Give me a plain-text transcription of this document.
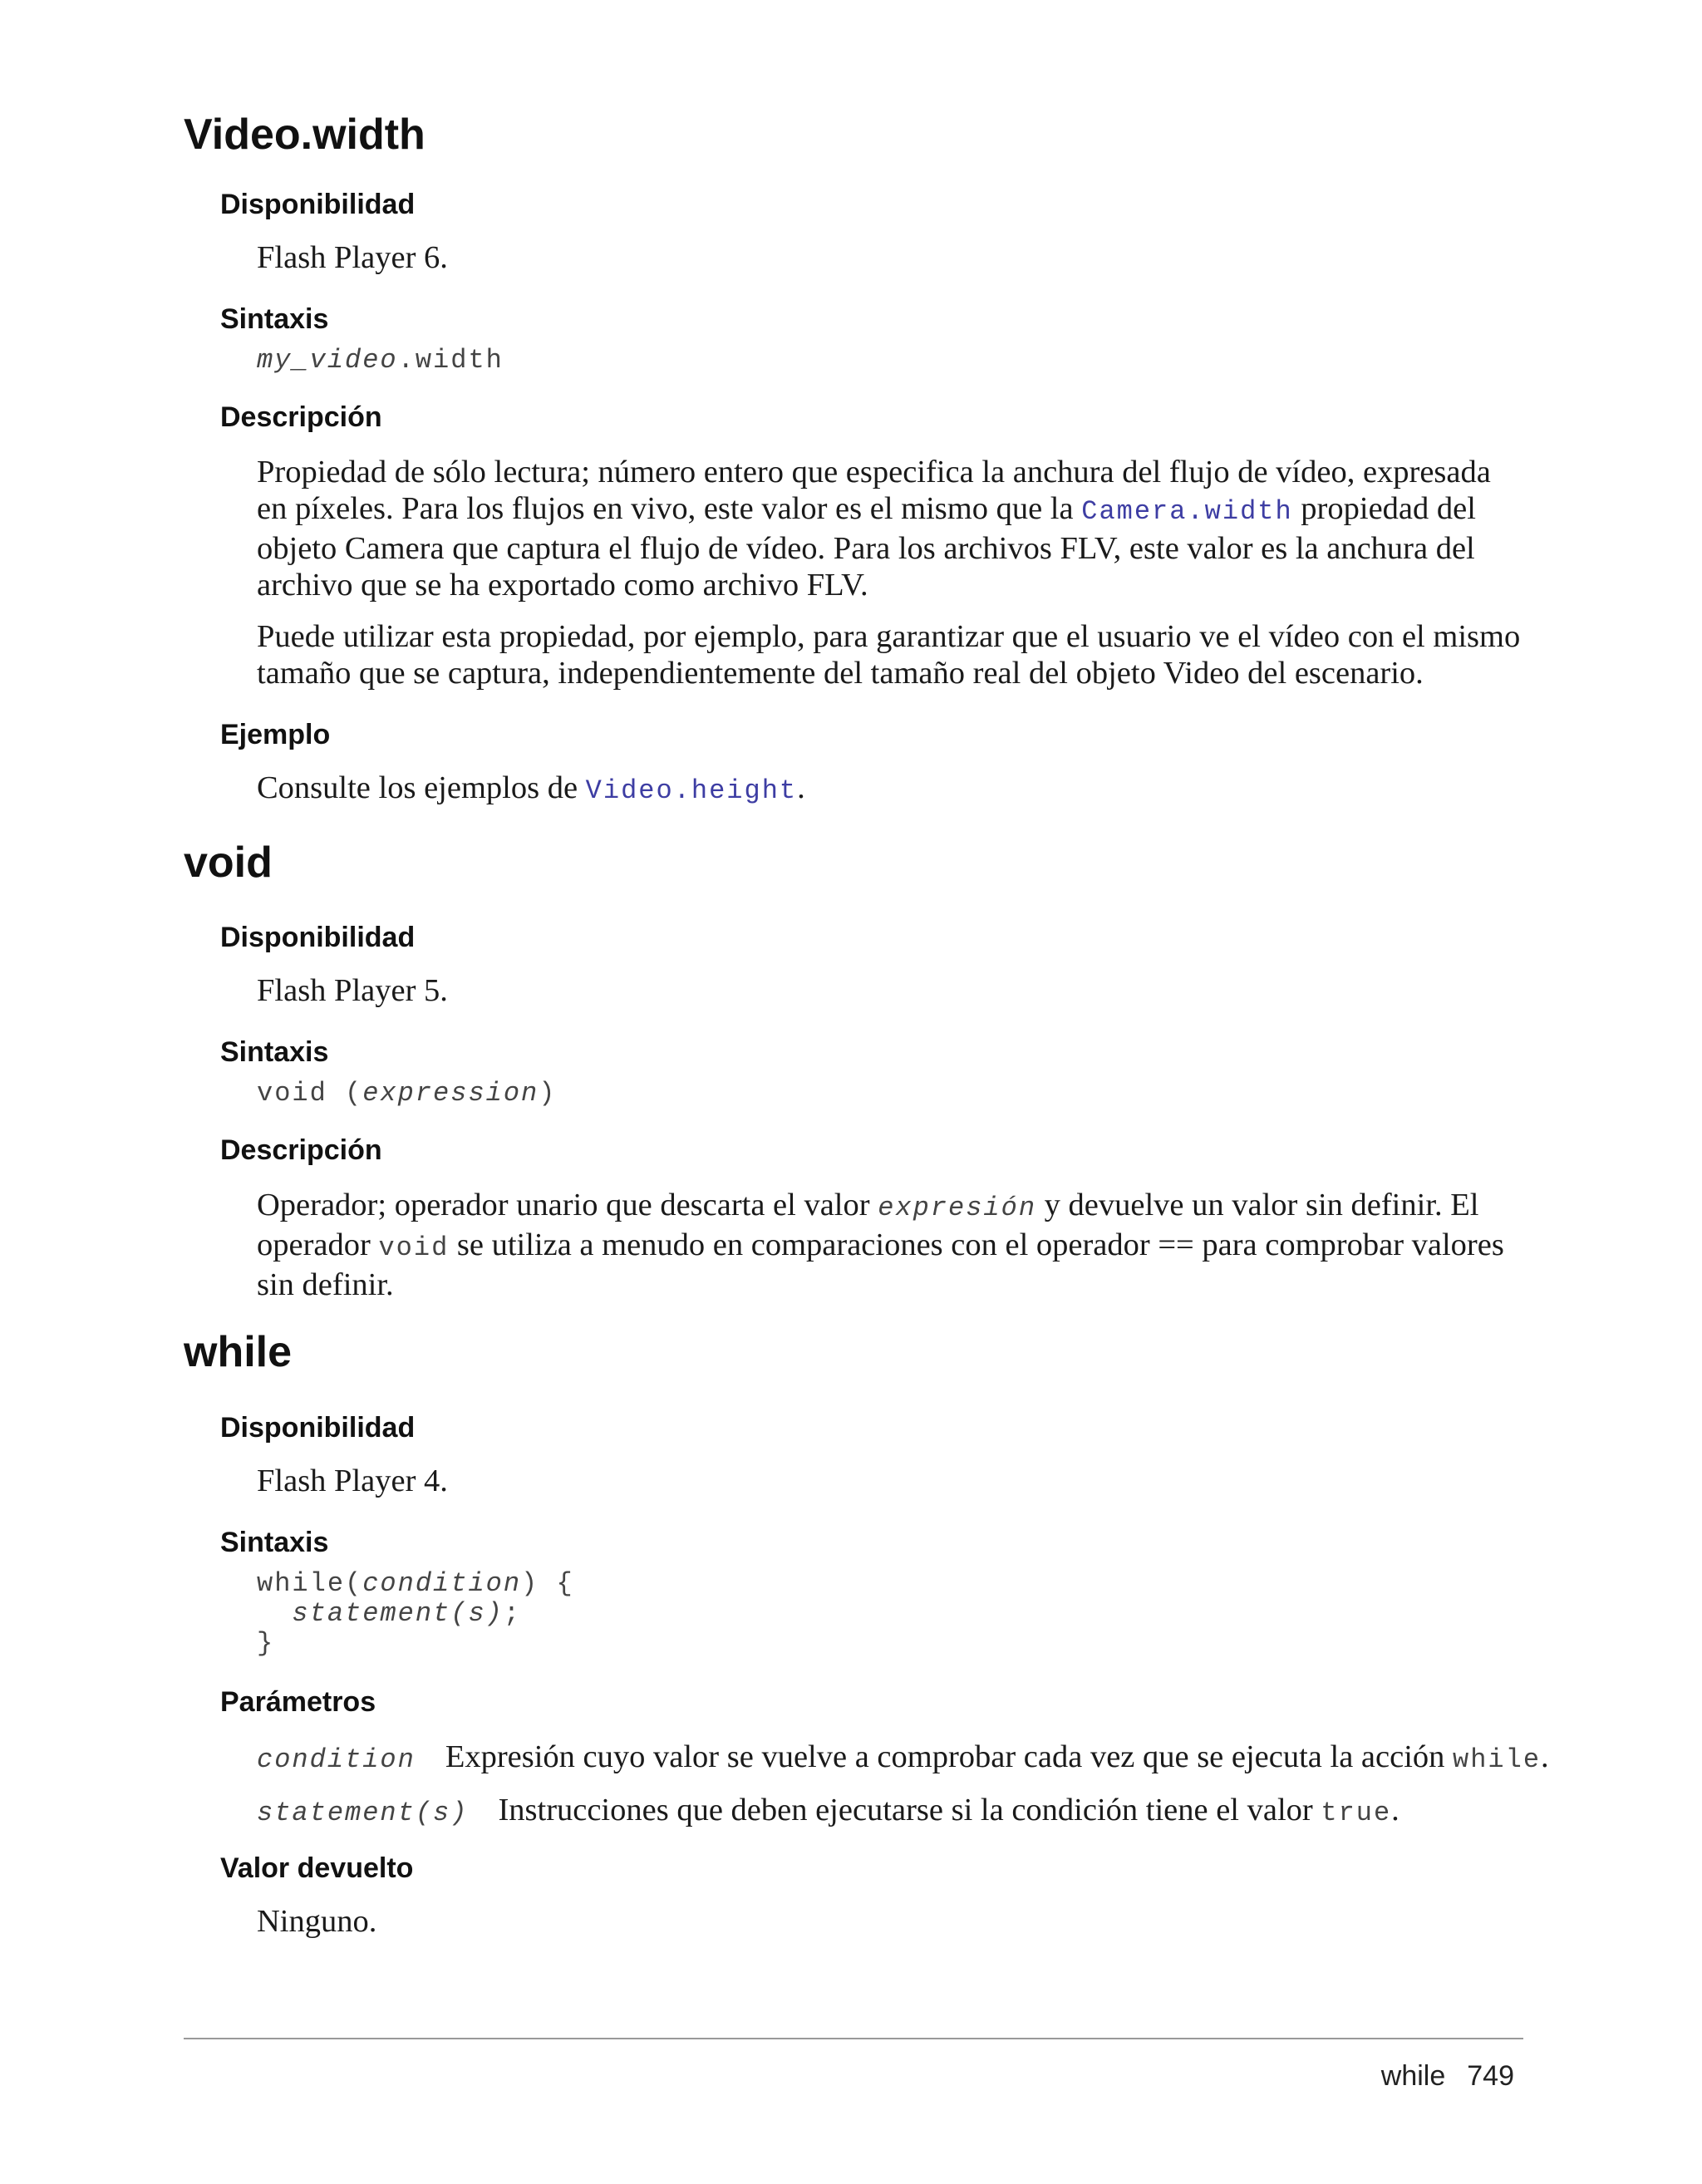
Video.width
Disponibilidad

Flash Player 6.

Sintaxis
my_video.width
Descripción

Propiedad de sólo lectura; número entero que especifica la anchura del flujo de vídeo, expresada en píxeles. Para los flujos en vivo, este valor es el mismo que la Camera.width propiedad del objeto Camera que captura el flujo de vídeo. Para los archivos FLV, este valor es la anchura del archivo que se ha exportado como archivo FLV.

Puede utilizar esta propiedad, por ejemplo, para garantizar que el usuario ve el vídeo con el mismo tamaño que se captura, independientemente del tamaño real del objeto Video del escenario.

Ejemplo

Consulte los ejemplos de Video.height.

void
Disponibilidad

Flash Player 5.

Sintaxis
void (expression)
Descripción

Operador; operador unario que descarta el valor expresión y devuelve un valor sin definir. El operador void se utiliza a menudo en comparaciones con el operador == para comprobar valores sin definir.

while
Disponibilidad

Flash Player 4.

Sintaxis
while(condition) {
statement(s);
}
Parámetros

condition Expresión cuyo valor se vuelve a comprobar cada vez que se ejecuta la acción while.

statement(s) Instrucciones que deben ejecutarse si la condición tiene el valor true.

Valor devuelto

Ninguno.

while 749
